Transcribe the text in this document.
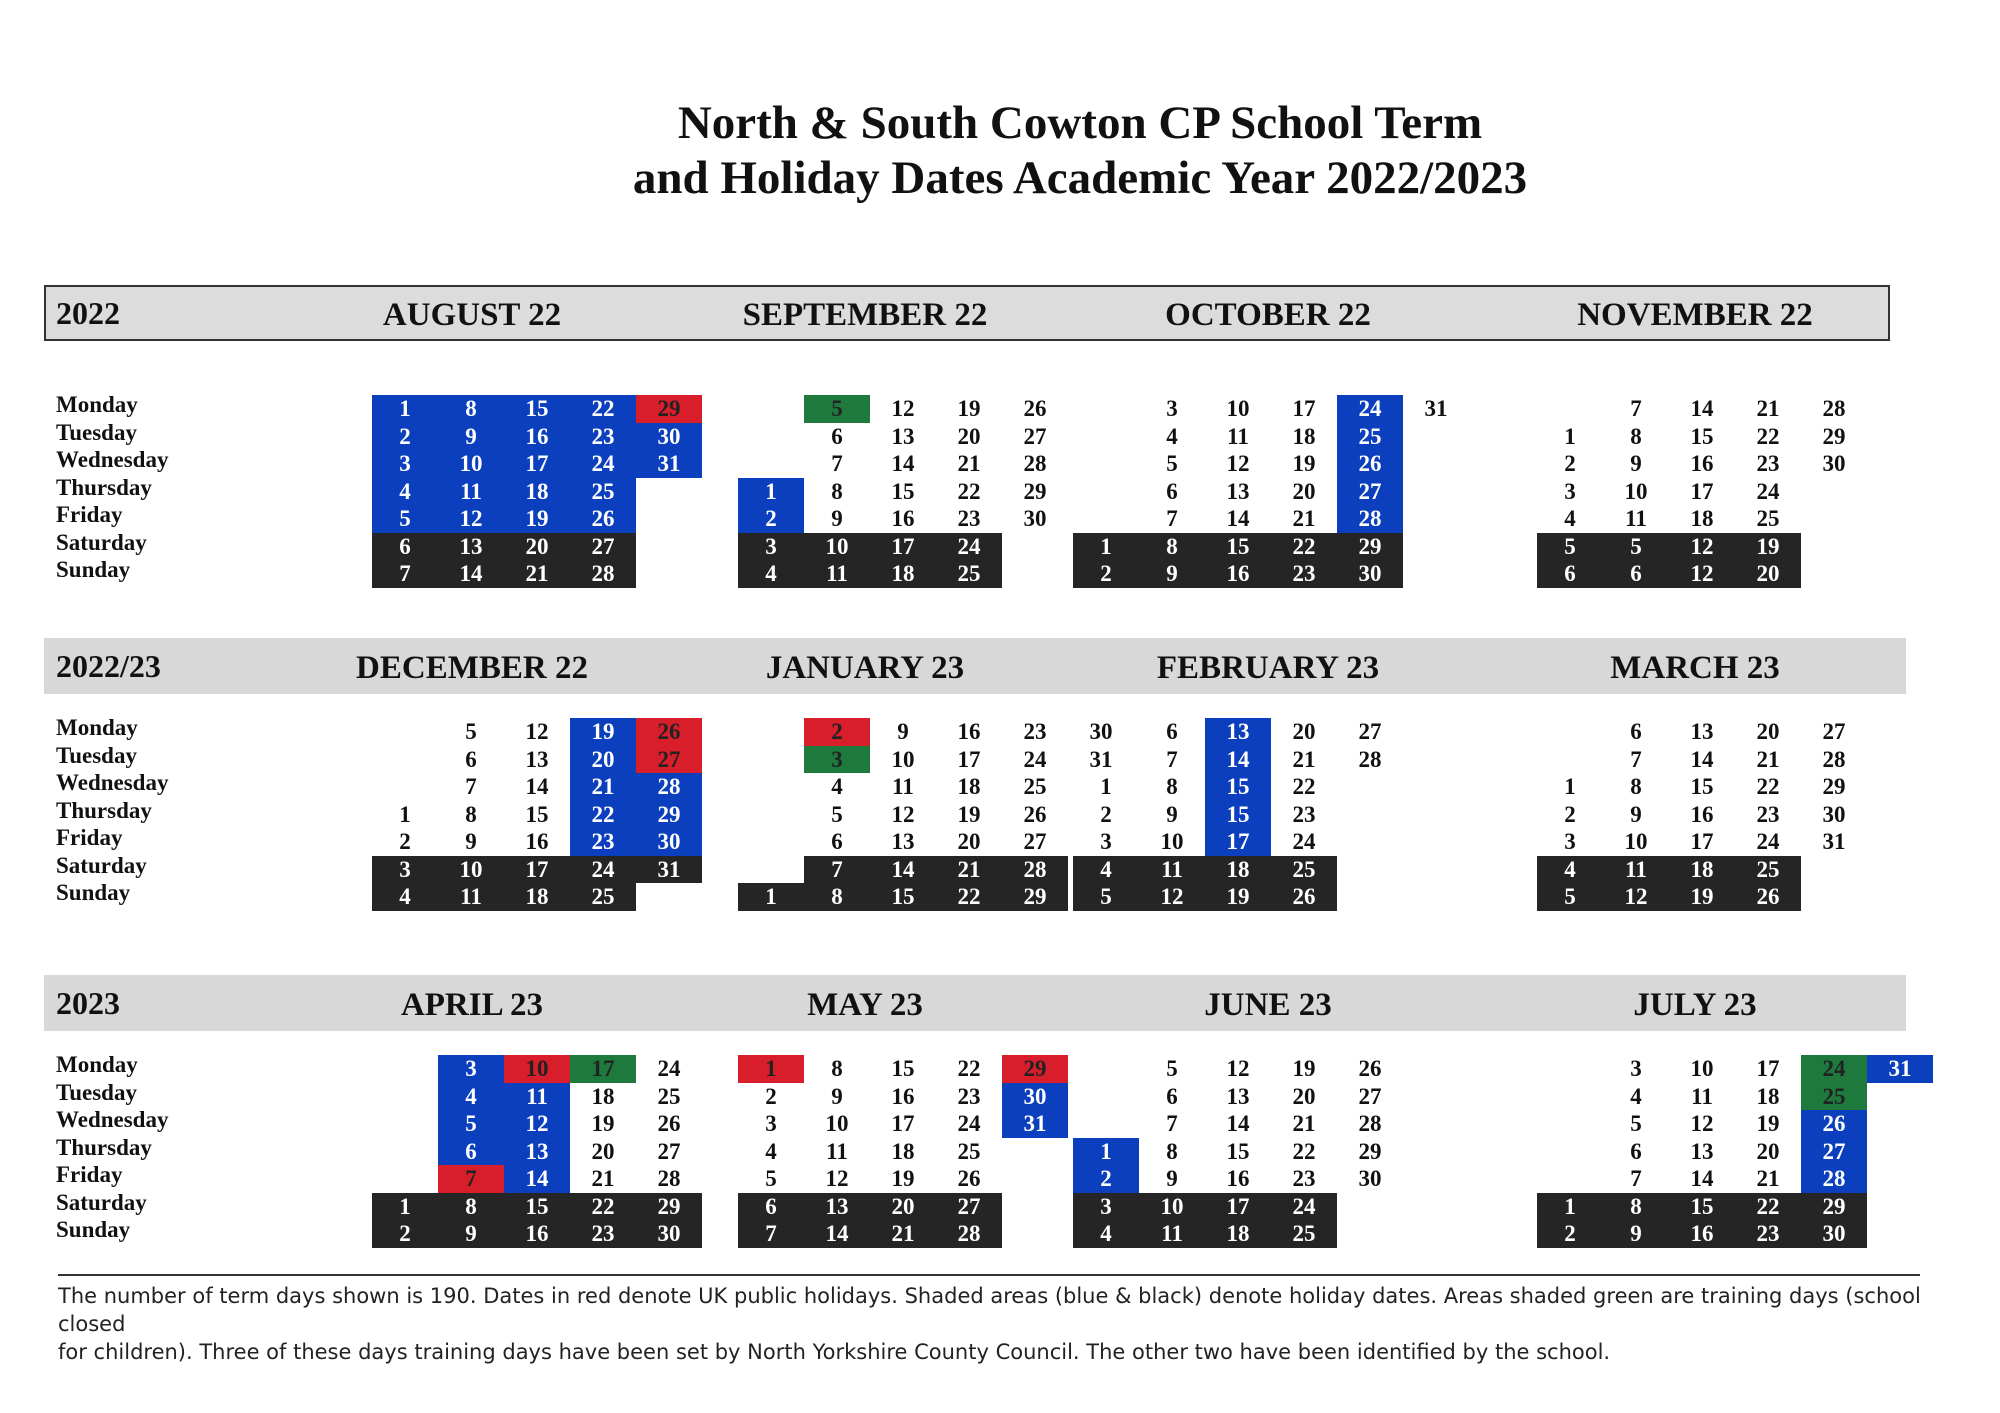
North & South Cowton CP School Term
and Holiday Dates Academic Year 2022/2023
2022
Monday
Tuesday
Wednesday
Thursday
Friday
Saturday
Sunday
AUGUST 22
1
2
3
4
5
6
7
8
9
10
11
12
13
14
15
16
17
18
19
20
21
22
23
24
25
26
27
28
29
30
31
SEPTEMBER 22
1
2
3
4
5
6
7
8
9
10
11
12
13
14
15
16
17
18
19
20
21
22
23
24
25
26
27
28
29
30
OCTOBER 22
1
2
3
4
5
6
7
8
9
10
11
12
13
14
15
16
17
18
19
20
21
22
23
24
25
26
27
28
29
30
31
NOVEMBER 22
1
2
3
4
5
6
7
8
9
10
11
5
6
14
15
16
17
18
12
12
21
22
23
24
25
19
20
28
29
30
2022/23
Monday
Tuesday
Wednesday
Thursday
Friday
Saturday
Sunday
DECEMBER 22
1
2
3
4
5
6
7
8
9
10
11
12
13
14
15
16
17
18
19
20
21
22
23
24
25
26
27
28
29
30
31
JANUARY 23
1
2
3
4
5
6
7
8
9
10
11
12
13
14
15
16
17
18
19
20
21
22
23
24
25
26
27
28
29
30
31
FEBRUARY 23
1
2
3
4
5
6
7
8
9
10
11
12
13
14
15
15
17
18
19
20
21
22
23
24
25
26
27
28
MARCH 23
1
2
3
4
5
6
7
8
9
10
11
12
13
14
15
16
17
18
19
20
21
22
23
24
25
26
27
28
29
30
31
2023
Monday
Tuesday
Wednesday
Thursday
Friday
Saturday
Sunday
APRIL 23
1
2
3
4
5
6
7
8
9
10
11
12
13
14
15
16
17
18
19
20
21
22
23
24
25
26
27
28
29
30
MAY 23
1
2
3
4
5
6
7
8
9
10
11
12
13
14
15
16
17
18
19
20
21
22
23
24
25
26
27
28
29
30
31
JUNE 23
1
2
3
4
5
6
7
8
9
10
11
12
13
14
15
16
17
18
19
20
21
22
23
24
25
26
27
28
29
30
JULY 23
1
2
3
4
5
6
7
8
9
10
11
12
13
14
15
16
17
18
19
20
21
22
23
24
25
26
27
28
29
30
31
The number of term days shown is 190. Dates in red denote UK public holidays. Shaded areas (blue & black) denote holiday dates. Areas shaded green are training days (school closed
for children). Three of these days training days have been set by North Yorkshire County Council. The other two have been identified by the school.
